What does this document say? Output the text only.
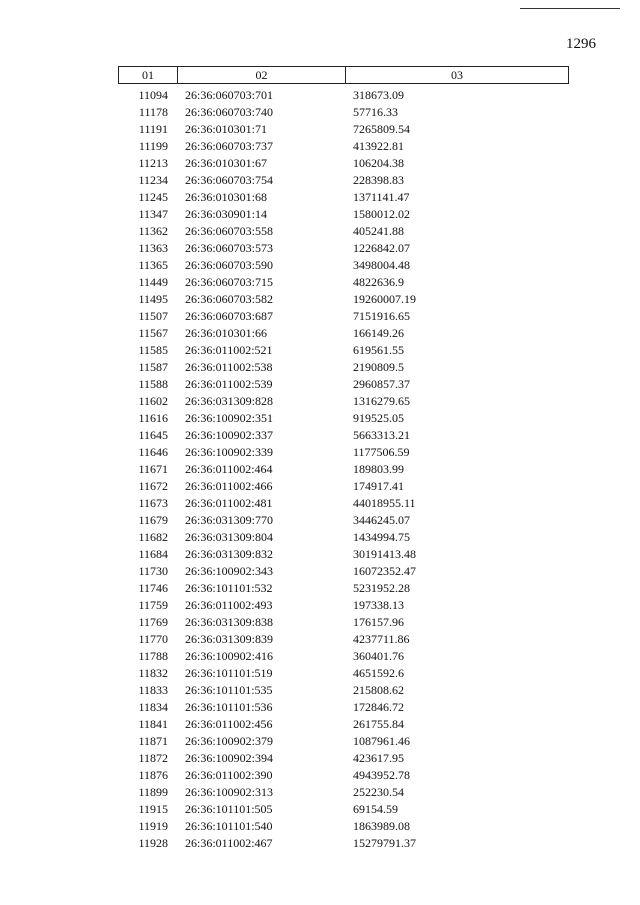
1296
01	02	03
11094	26:36:060703:701	318673.09
11178	26:36:060703:740	57716.33
11191	26:36:010301:71	7265809.54
11199	26:36:060703:737	413922.81
11213	26:36:010301:67	106204.38
11234	26:36:060703:754	228398.83
11245	26:36:010301:68	1371141.47
11347	26:36:030901:14	1580012.02
11362	26:36:060703:558	405241.88
11363	26:36:060703:573	1226842.07
11365	26:36:060703:590	3498004.48
11449	26:36:060703:715	4822636.9
11495	26:36:060703:582	19260007.19
11507	26:36:060703:687	7151916.65
11567	26:36:010301:66	166149.26
11585	26:36:011002:521	619561.55
11587	26:36:011002:538	2190809.5
11588	26:36:011002:539	2960857.37
11602	26:36:031309:828	1316279.65
11616	26:36:100902:351	919525.05
11645	26:36:100902:337	5663313.21
11646	26:36:100902:339	1177506.59
11671	26:36:011002:464	189803.99
11672	26:36:011002:466	174917.41
11673	26:36:011002:481	44018955.11
11679	26:36:031309:770	3446245.07
11682	26:36:031309:804	1434994.75
11684	26:36:031309:832	30191413.48
11730	26:36:100902:343	16072352.47
11746	26:36:101101:532	5231952.28
11759	26:36:011002:493	197338.13
11769	26:36:031309:838	176157.96
11770	26:36:031309:839	4237711.86
11788	26:36:100902:416	360401.76
11832	26:36:101101:519	4651592.6
11833	26:36:101101:535	215808.62
11834	26:36:101101:536	172846.72
11841	26:36:011002:456	261755.84
11871	26:36:100902:379	1087961.46
11872	26:36:100902:394	423617.95
11876	26:36:011002:390	4943952.78
11899	26:36:100902:313	252230.54
11915	26:36:101101:505	69154.59
11919	26:36:101101:540	1863989.08
11928	26:36:011002:467	15279791.37
